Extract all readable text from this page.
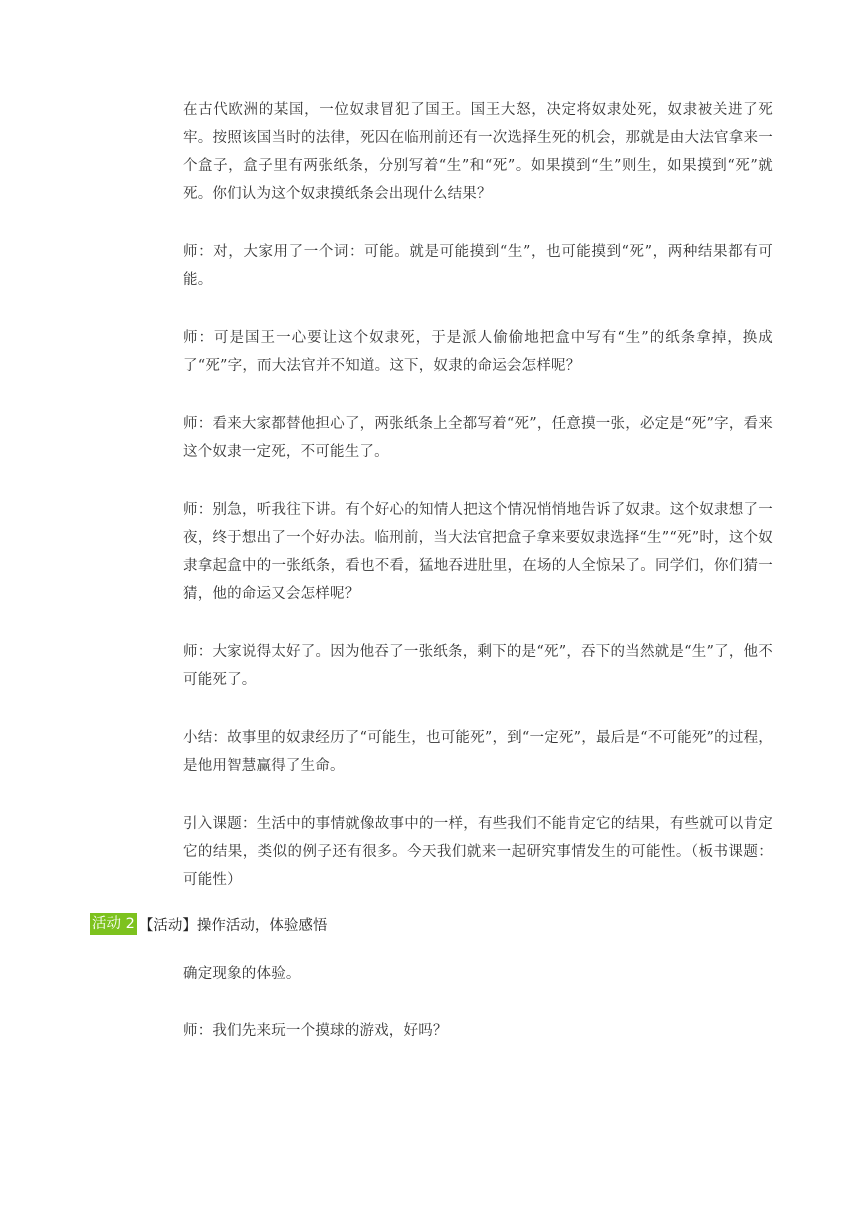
在古代欧洲的某国，一位奴隶冒犯了国王。国王大怒，决定将奴隶处死，奴隶被关进了死牢。按照该国当时的法律，死囚在临刑前还有一次选择生死的机会，那就是由大法官拿来一个盒子，盒子里有两张纸条，分别写着“生”和“死”。如果摸到“生”则生，如果摸到“死”就死。你们认为这个奴隶摸纸条会出现什么结果？

师：对，大家用了一个词：可能。就是可能摸到“生”，也可能摸到“死”，两种结果都有可能。

师：可是国王一心要让这个奴隶死，于是派人偷偷地把盒中写有“生”的纸条拿掉，换成了“死”字，而大法官并不知道。这下，奴隶的命运会怎样呢？

师：看来大家都替他担心了，两张纸条上全都写着“死”，任意摸一张，必定是“死”字，看来这个奴隶一定死，不可能生了。

师：别急，听我往下讲。有个好心的知情人把这个情况悄悄地告诉了奴隶。这个奴隶想了一夜，终于想出了一个好办法。临刑前，当大法官把盒子拿来要奴隶选择“生”“死”时，这个奴隶拿起盒中的一张纸条，看也不看，猛地吞进肚里，在场的人全惊呆了。同学们，你们猜一猜，他的命运又会怎样呢？

师：大家说得太好了。因为他吞了一张纸条，剩下的是“死”，吞下的当然就是“生”了，他不可能死了。

小结：故事里的奴隶经历了“可能生，也可能死”，到“一定死”，最后是“不可能死”的过程，是他用智慧赢得了生命。

引入课题：生活中的事情就像故事中的一样，有些我们不能肯定它的结果，有些就可以肯定它的结果，类似的例子还有很多。今天我们就来一起研究事情发生的可能性。（板书课题：可能性）

活动 2 【活动】操作活动，体验感悟

确定现象的体验。

师：我们先来玩一个摸球的游戏，好吗？
